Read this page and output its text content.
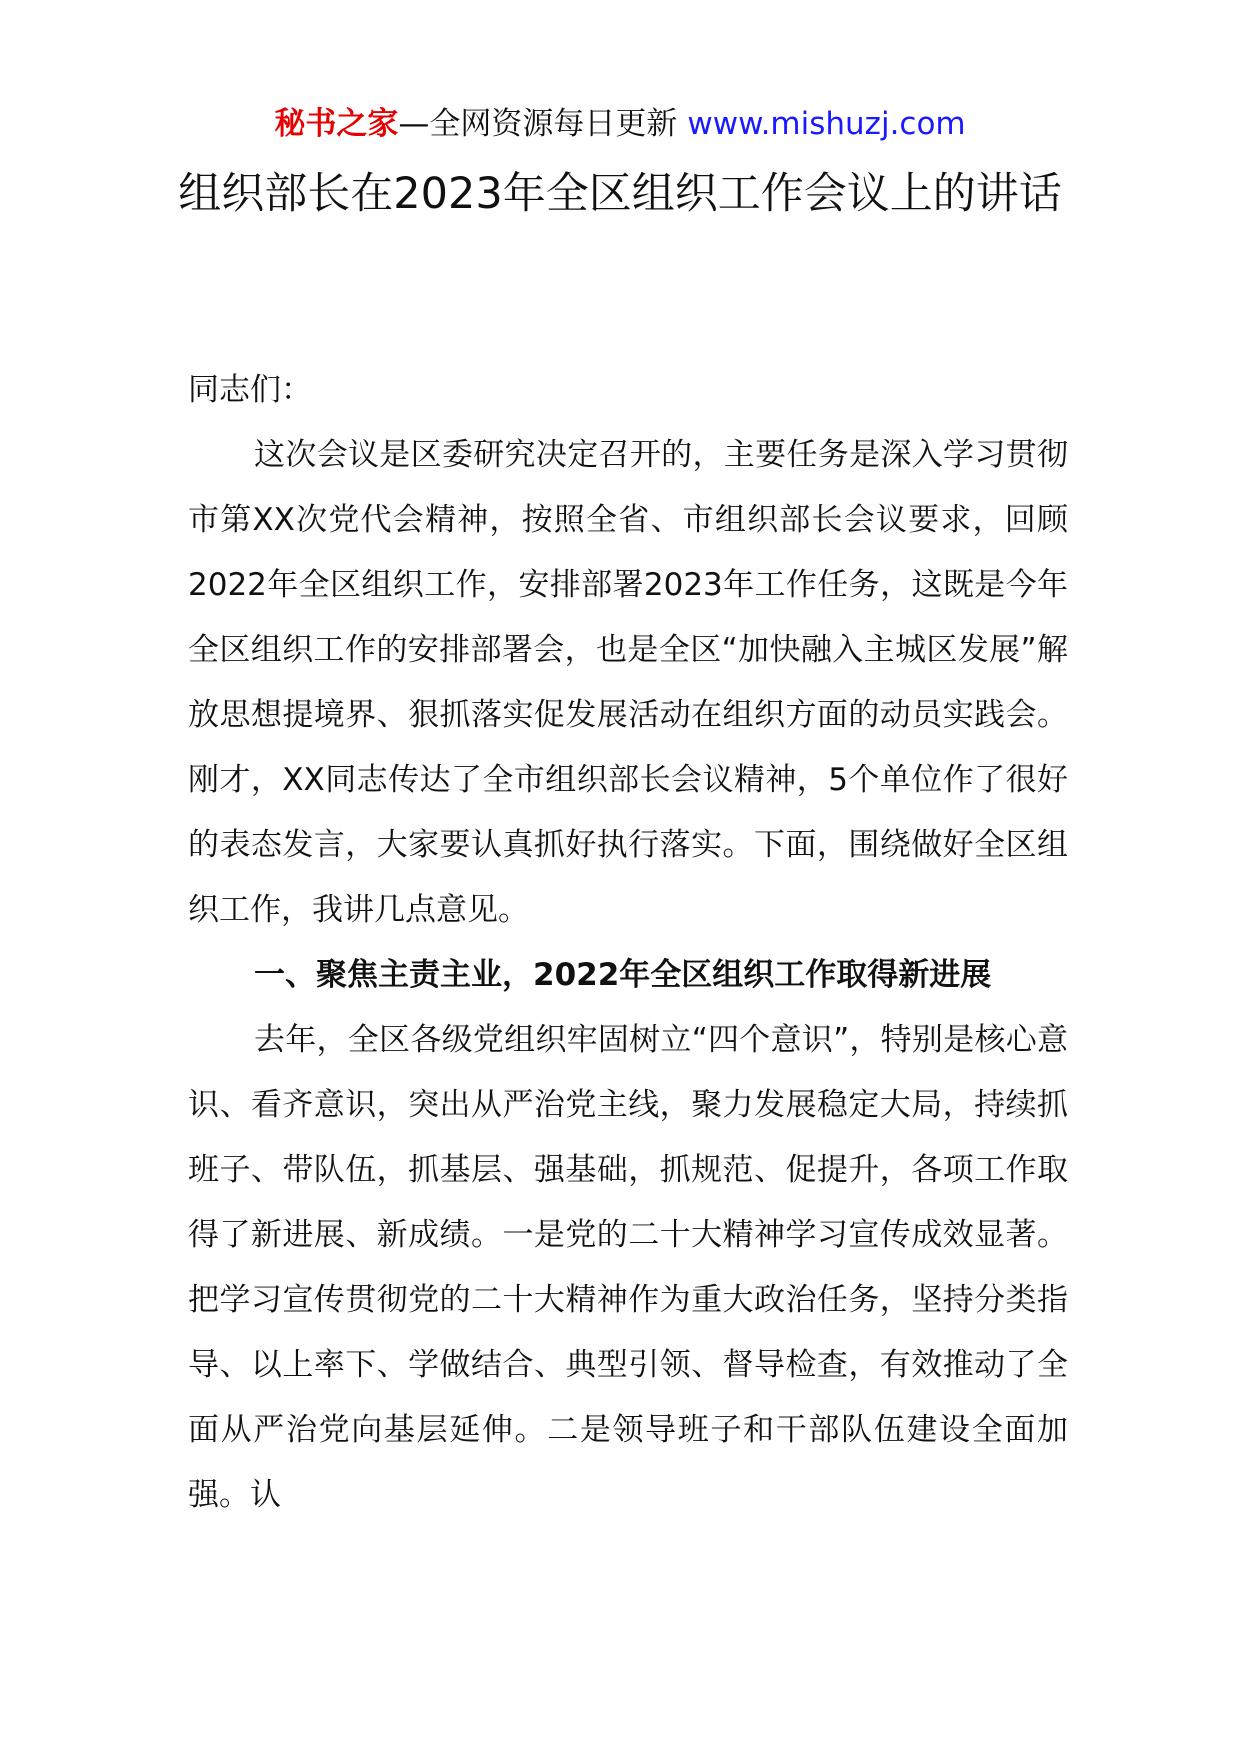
秘书之家—全网资源每日更新 www.mishuzj.com
组织部长在2023年全区组织工作会议上的讲话

同志们：

这次会议是区委研究决定召开的，主要任务是深入学习贯彻市第XX次党代会精神，按照全省、市组织部长会议要求，回顾2022年全区组织工作，安排部署2023年工作任务，这既是今年全区组织工作的安排部署会，也是全区“加快融入主城区发展”解放思想提境界、狠抓落实促发展活动在组织方面的动员实践会。刚才，XX同志传达了全市组织部长会议精神，5个单位作了很好的表态发言，大家要认真抓好执行落实。下面，围绕做好全区组织工作，我讲几点意见。

一、聚焦主责主业，2022年全区组织工作取得新进展

去年，全区各级党组织牢固树立“四个意识”，特别是核心意识、看齐意识，突出从严治党主线，聚力发展稳定大局，持续抓班子、带队伍，抓基层、强基础，抓规范、促提升，各项工作取得了新进展、新成绩。一是党的二十大精神学习宣传成效显著。把学习宣传贯彻党的二十大精神作为重大政治任务，坚持分类指导、以上率下、学做结合、典型引领、督导检查，有效推动了全面从严治党向基层延伸。二是领导班子和干部队伍建设全面加强。认
